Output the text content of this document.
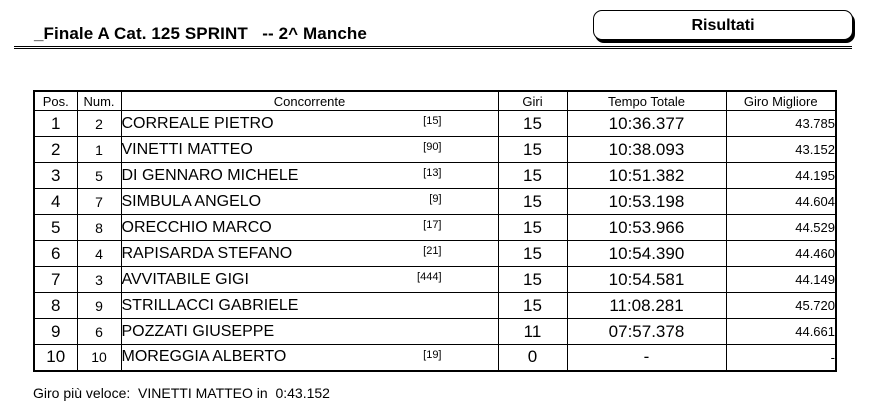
_Finale A Cat. 125 SPRINT   -- 2^ Manche	Risultati
Pos.	Num.	Concorrente	Giri	Tempo Totale	Giro Migliore
1	2	CORREALE PIETRO [15]	15	10:36.377	43.785
2	1	VINETTI MATTEO [90]	15	10:38.093	43.152
3	5	DI GENNARO MICHELE [13]	15	10:51.382	44.195
4	7	SIMBULA ANGELO [9]	15	10:53.198	44.604
5	8	ORECCHIO MARCO [17]	15	10:53.966	44.529
6	4	RAPISARDA STEFANO [21]	15	10:54.390	44.460
7	3	AVVITABILE GIGI [444]	15	10:54.581	44.149
8	9	STRILLACCI GABRIELE	15	11:08.281	45.720
9	6	POZZATI GIUSEPPE	11	07:57.378	44.661
10	10	MOREGGIA ALBERTO [19]	0	-	-
Giro più veloce:  VINETTI MATTEO in  0:43.152
